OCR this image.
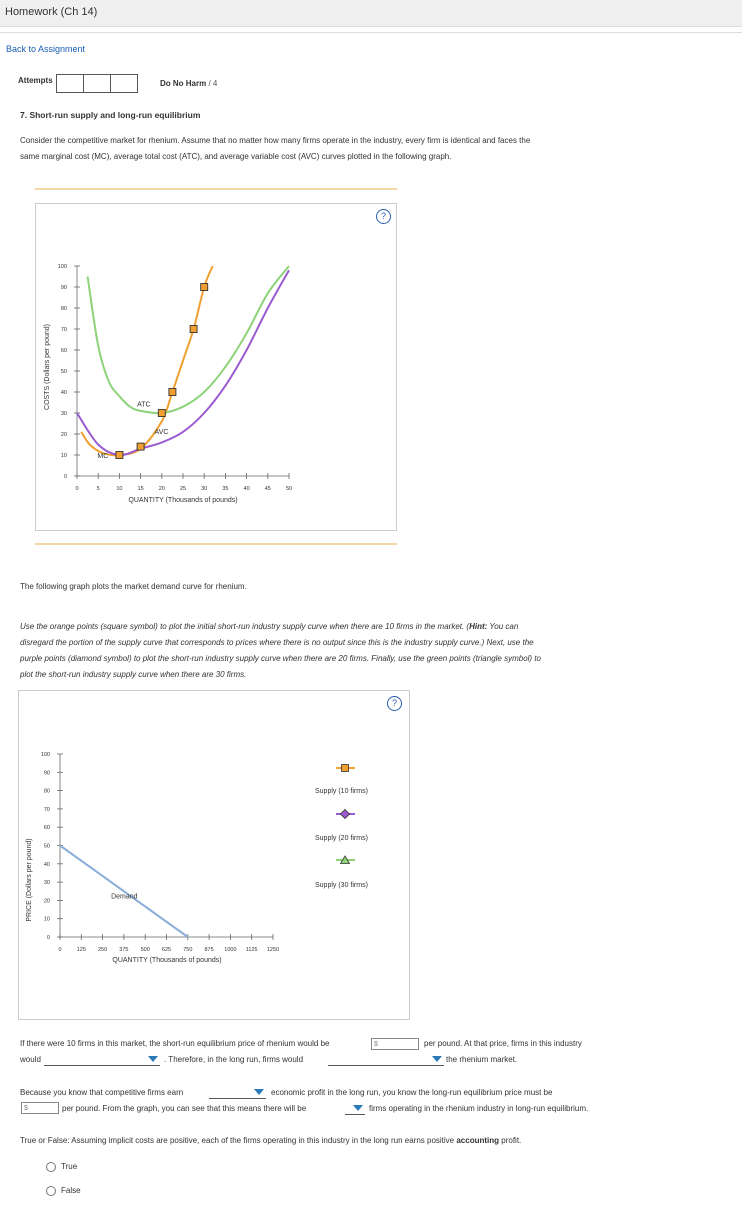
Homework (Ch 14)
Back to Assignment
Attempts	Do No Harm / 4
7. Short-run supply and long-run equilibrium
Consider the competitive market for rhenium. Assume that no matter how many firms operate in the industry, every firm is identical and faces the
same marginal cost (MC), average total cost (ATC), and average variable cost (AVC) curves plotted in the following graph.
?
COSTS (Dollars per pound)
QUANTITY (Thousands of pounds)
0	5	10	15	20	25	30	35	40	45	50
0
10
20
30
40
50
60
70
80
90
100
MC
ATC
AVC
The following graph plots the market demand curve for rhenium.
Use the orange points (square symbol) to plot the initial short-run industry supply curve when there are 10 firms in the market. (Hint: You can
disregard the portion of the supply curve that corresponds to prices where there is no output since this is the industry supply curve.) Next, use the
purple points (diamond symbol) to plot the short-run industry supply curve when there are 20 firms. Finally, use the green points (triangle symbol) to
plot the short-run industry supply curve when there are 30 firms.
?
PRICE (Dollars per pound)
QUANTITY (Thousands of pounds)
Supply (10 firms)
Supply (20 firms)
Supply (30 firms)
0	125 250 375 500 625 750 875 1000 1125 1250
0
10
20
30
40
50
60
70
80
90
100
Demand
If there were 10 firms in this market, the short-run equilibrium price of rhenium would be	$	per pound. At that price, firms in this industry
would	. Therefore, in the long run, firms would	the rhenium market.
Because you know that competitive firms earn	economic profit in the long run, you know the long-run equilibrium price must be
$	per pound. From the graph, you can see that this means there will be	firms operating in the rhenium industry in long-run equilibrium.
True or False: Assuming implicit costs are positive, each of the firms operating in this industry in the long run earns positive accounting profit.
True
False
